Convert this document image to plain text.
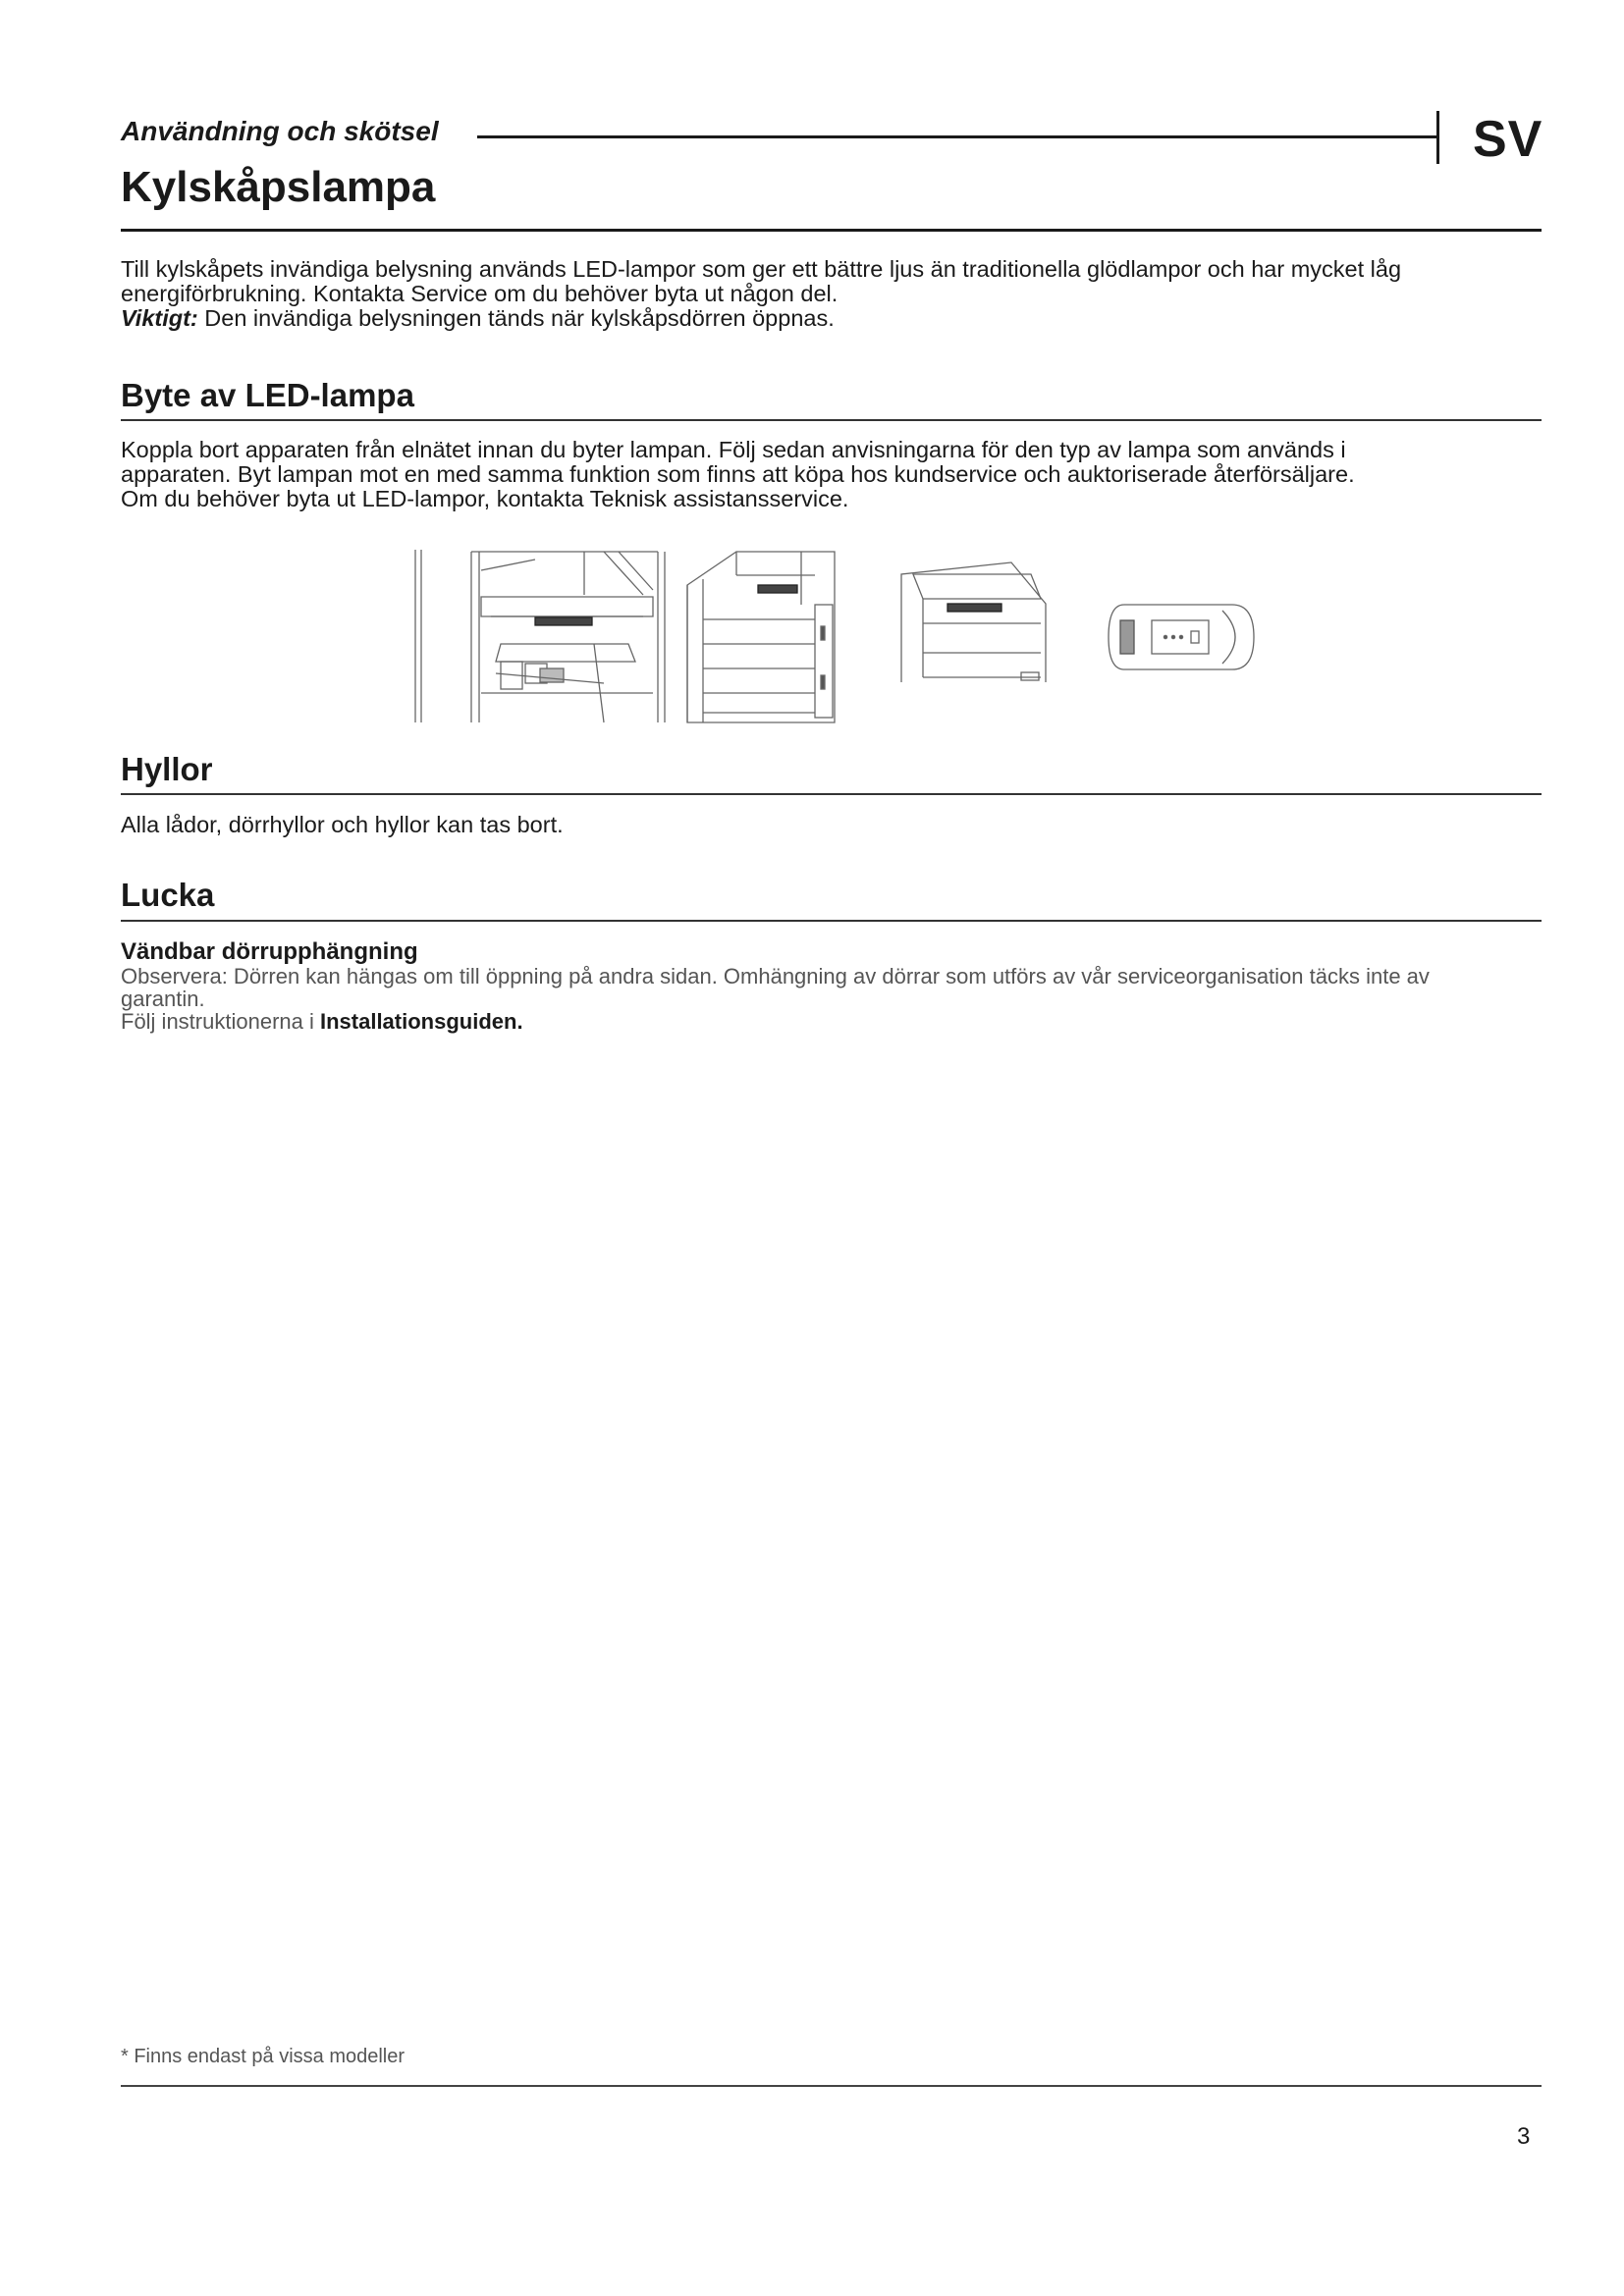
Användning och skötsel	SV
Kylskåpslampa
Till kylskåpets invändiga belysning används LED-lampor som ger ett bättre ljus än traditionella glödlampor och har mycket låg
energiförbrukning. Kontakta Service om du behöver byta ut någon del.
Viktigt: Den invändiga belysningen tänds när kylskåpsdörren öppnas.
Byte av LED-lampa
Koppla bort apparaten från elnätet innan du byter lampan. Följ sedan anvisningarna för den typ av lampa som används i
apparaten. Byt lampan mot en med samma funktion som finns att köpa hos kundservice och auktoriserade återförsäljare.
Om du behöver byta ut LED-lampor, kontakta Teknisk assistansservice.
Hyllor
Alla lådor, dörrhyllor och hyllor kan tas bort.
Lucka
Vändbar dörrupphängning
Observera: Dörren kan hängas om till öppning på andra sidan. Omhängning av dörrar som utförs av vår serviceorganisation täcks inte av
garantin.
Följ instruktionerna i Installationsguiden.
* Finns endast på vissa modeller
3
